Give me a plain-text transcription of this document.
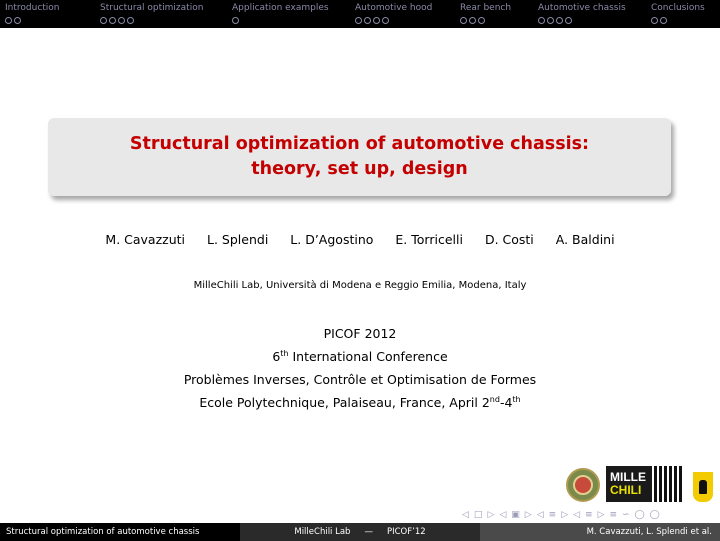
Introduction	Structural optimization	Application examples	Automotive hood	Rear bench	Automotive chassis	Conclusions
Structural optimization of automotive chassis:
theory, set up, design
M. Cavazzuti L. Splendi L. D’Agostino E. Torricelli D. Costi A. Baldini
MilleChili Lab, Università di Modena e Reggio Emilia, Modena, Italy
PICOF 2012
6th International Conference
Problèmes Inverses, Contrôle et Optimisation de Formes
Ecole Polytechnique, Palaiseau, France, April 2nd-4th
MILLE
CHILI
◁ □ ▷ ◁ ▣ ▷ ◁ ≡ ▷ ◁ ≡ ▷ ≡ ∽ ◯ ◯
Structural optimization of automotive chassis	MilleChili Lab — PICOF’12	M. Cavazzuti, L. Splendi et al.
